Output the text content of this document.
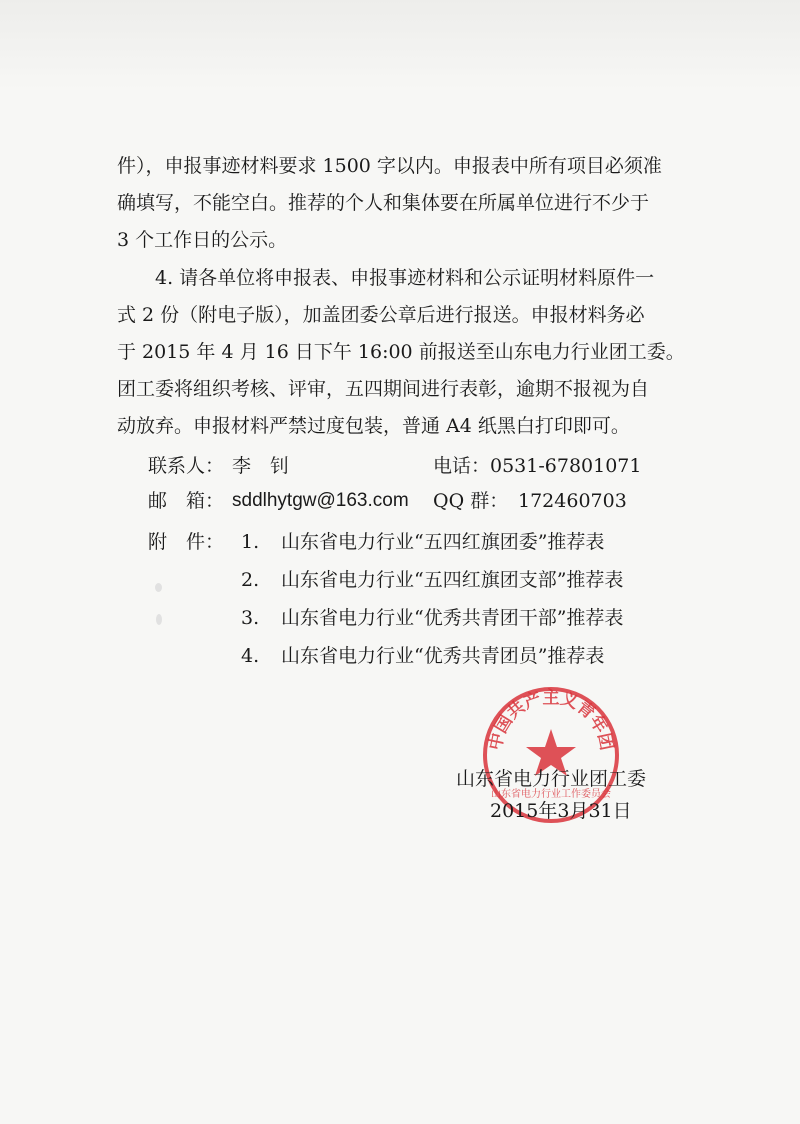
件），申报事迹材料要求 1500 字以内。申报表中所有项目必须准
确填写，不能空白。推荐的个人和集体要在所属单位进行不少于
3 个工作日的公示。
4. 请各单位将申报表、申报事迹材料和公示证明材料原件一
式 2 份（附电子版），加盖团委公章后进行报送。申报材料务必
于 2015 年 4 月 16 日下午 16:00 前报送至山东电力行业团工委。
团工委将组织考核、评审，五四期间进行表彰，逾期不报视为自
动放弃。申报材料严禁过度包装，普通 A4 纸黑白打印即可。
联系人： 李　钊	电话： 0531-67801071
邮　箱： sddlhytgw@163.com QQ 群： 172460703
附　件： 1. 山东省电力行业“五四红旗团委”推荐表
2. 山东省电力行业“五四红旗团支部”推荐表
3. 山东省电力行业“优秀共青团干部”推荐表
4. 山东省电力行业“优秀共青团员”推荐表
中国共产主义青年团
山东省电力行业工作委员会
山东省电力行业团工委
2015年3月31日
